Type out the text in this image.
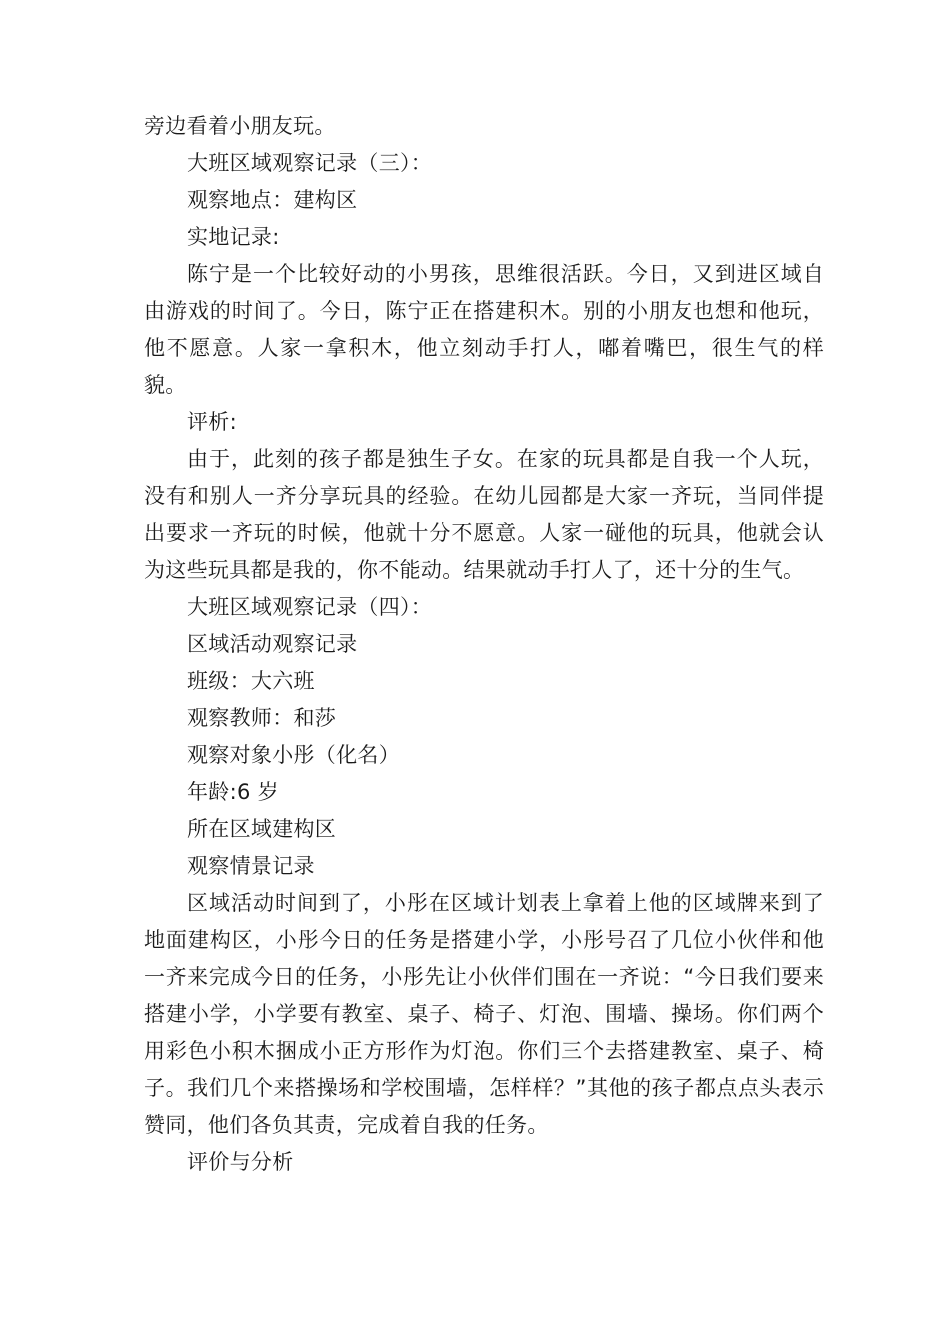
旁边看着小朋友玩。
大班区域观察记录（三）：
观察地点：建构区
实地记录:

陈宁是一个比较好动的小男孩，思维很活跃。今日，又到进区域自由游戏的时间了。今日，陈宁正在搭建积木。别的小朋友也想和他玩，他不愿意。人家一拿积木，他立刻动手打人，嘟着嘴巴，很生气的样貌。

评析:

由于，此刻的孩子都是独生子女。在家的玩具都是自我一个人玩，没有和别人一齐分享玩具的经验。在幼儿园都是大家一齐玩，当同伴提出要求一齐玩的时候，他就十分不愿意。人家一碰他的玩具，他就会认为这些玩具都是我的，你不能动。结果就动手打人了，还十分的生气。

大班区域观察记录（四）：
区域活动观察记录
班级：大六班
观察教师：和莎
观察对象小彤（化名）
年龄:6 岁
所在区域建构区
观察情景记录

区域活动时间到了，小彤在区域计划表上拿着上他的区域牌来到了地面建构区，小彤今日的任务是搭建小学，小彤号召了几位小伙伴和他一齐来完成今日的任务，小彤先让小伙伴们围在一齐说：“今日我们要来搭建小学，小学要有教室、桌子、椅子、灯泡、围墙、操场。你们两个用彩色小积木捆成小正方形作为灯泡。你们三个去搭建教室、桌子、椅子。我们几个来搭操场和学校围墙，怎样样？”其他的孩子都点点头表示赞同，他们各负其责，完成着自我的任务。

评价与分析
